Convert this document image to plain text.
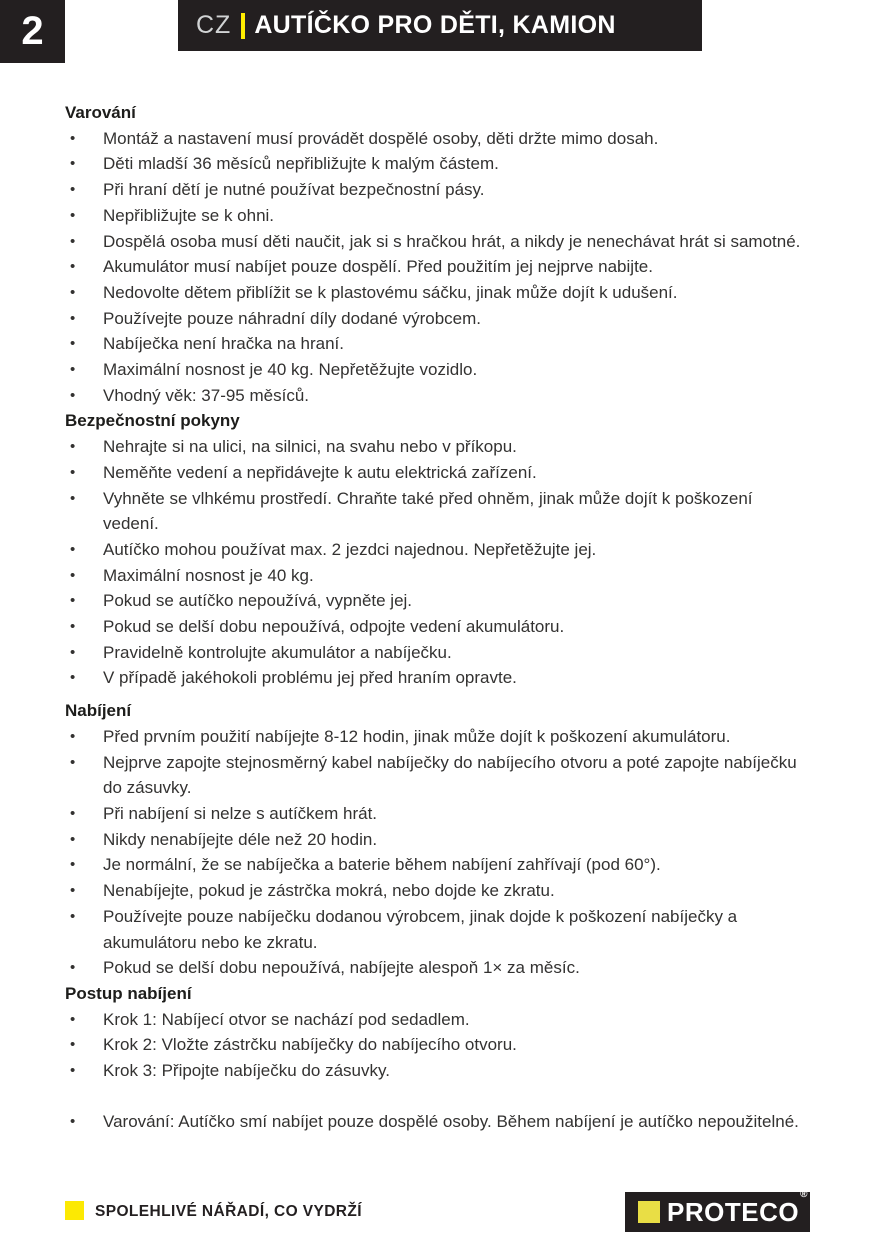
2	CZ AUTÍČKO PRO DĚTI, KAMION
Varování
•	Montáž a nastavení musí provádět dospělé osoby, děti držte mimo dosah.
•	Děti mladší 36 měsíců nepřibližujte k malým částem.
•	Při hraní dětí je nutné používat bezpečnostní pásy.
•	Nepřibližujte se k ohni.
•	Dospělá osoba musí děti naučit, jak si s hračkou hrát, a nikdy je nenechávat hrát si samotné.
•	Akumulátor musí nabíjet pouze dospělí. Před použitím jej nejprve nabijte.
•	Nedovolte dětem přiblížit se k plastovému sáčku, jinak může dojít k udušení.
•	Používejte pouze náhradní díly dodané výrobcem.
•	Nabíječka není hračka na hraní.
•	Maximální nosnost je 40 kg. Nepřetěžujte vozidlo.
•	Vhodný věk: 37-95 měsíců.
Bezpečnostní pokyny
•	Nehrajte si na ulici, na silnici, na svahu nebo v příkopu.
•	Neměňte vedení a nepřidávejte k autu elektrická zařízení.
•	Vyhněte se vlhkému prostředí. Chraňte také před ohněm, jinak může dojít k poškození vedení.
•	Autíčko mohou používat max. 2 jezdci najednou. Nepřetěžujte jej.
•	Maximální nosnost je 40 kg.
•	Pokud se autíčko nepoužívá, vypněte jej.
•	Pokud se delší dobu nepoužívá, odpojte vedení akumulátoru.
•	Pravidelně kontrolujte akumulátor a nabíječku.
•	V případě jakéhokoli problému jej před hraním opravte.
Nabíjení
•	Před prvním použití nabíjejte 8-12 hodin, jinak může dojít k poškození akumulátoru.
•	Nejprve zapojte stejnosměrný kabel nabíječky do nabíjecího otvoru a poté zapojte nabíječku do zásuvky.
•	Při nabíjení si nelze s autíčkem hrát.
•	Nikdy nenabíjejte déle než 20 hodin.
•	Je normální, že se nabíječka a baterie během nabíjení zahřívají (pod 60°).
•	Nenabíjejte, pokud je zástrčka mokrá, nebo dojde ke zkratu.
•	Používejte pouze nabíječku dodanou výrobcem, jinak dojde k poškození nabíječky a akumulátoru nebo ke zkratu.
•	Pokud se delší dobu nepoužívá, nabíjejte alespoň 1× za měsíc.
Postup nabíjení
•	Krok 1: Nabíjecí otvor se nachází pod sedadlem.
•	Krok 2: Vložte zástrčku nabíječky do nabíjecího otvoru.
•	Krok 3: Připojte nabíječku do zásuvky.
•	Varování: Autíčko smí nabíjet pouze dospělé osoby. Během nabíjení je autíčko nepoužitelné.
SPOLEHLIVÉ NÁŘADÍ, CO VYDRŽÍ	PROTECO®
